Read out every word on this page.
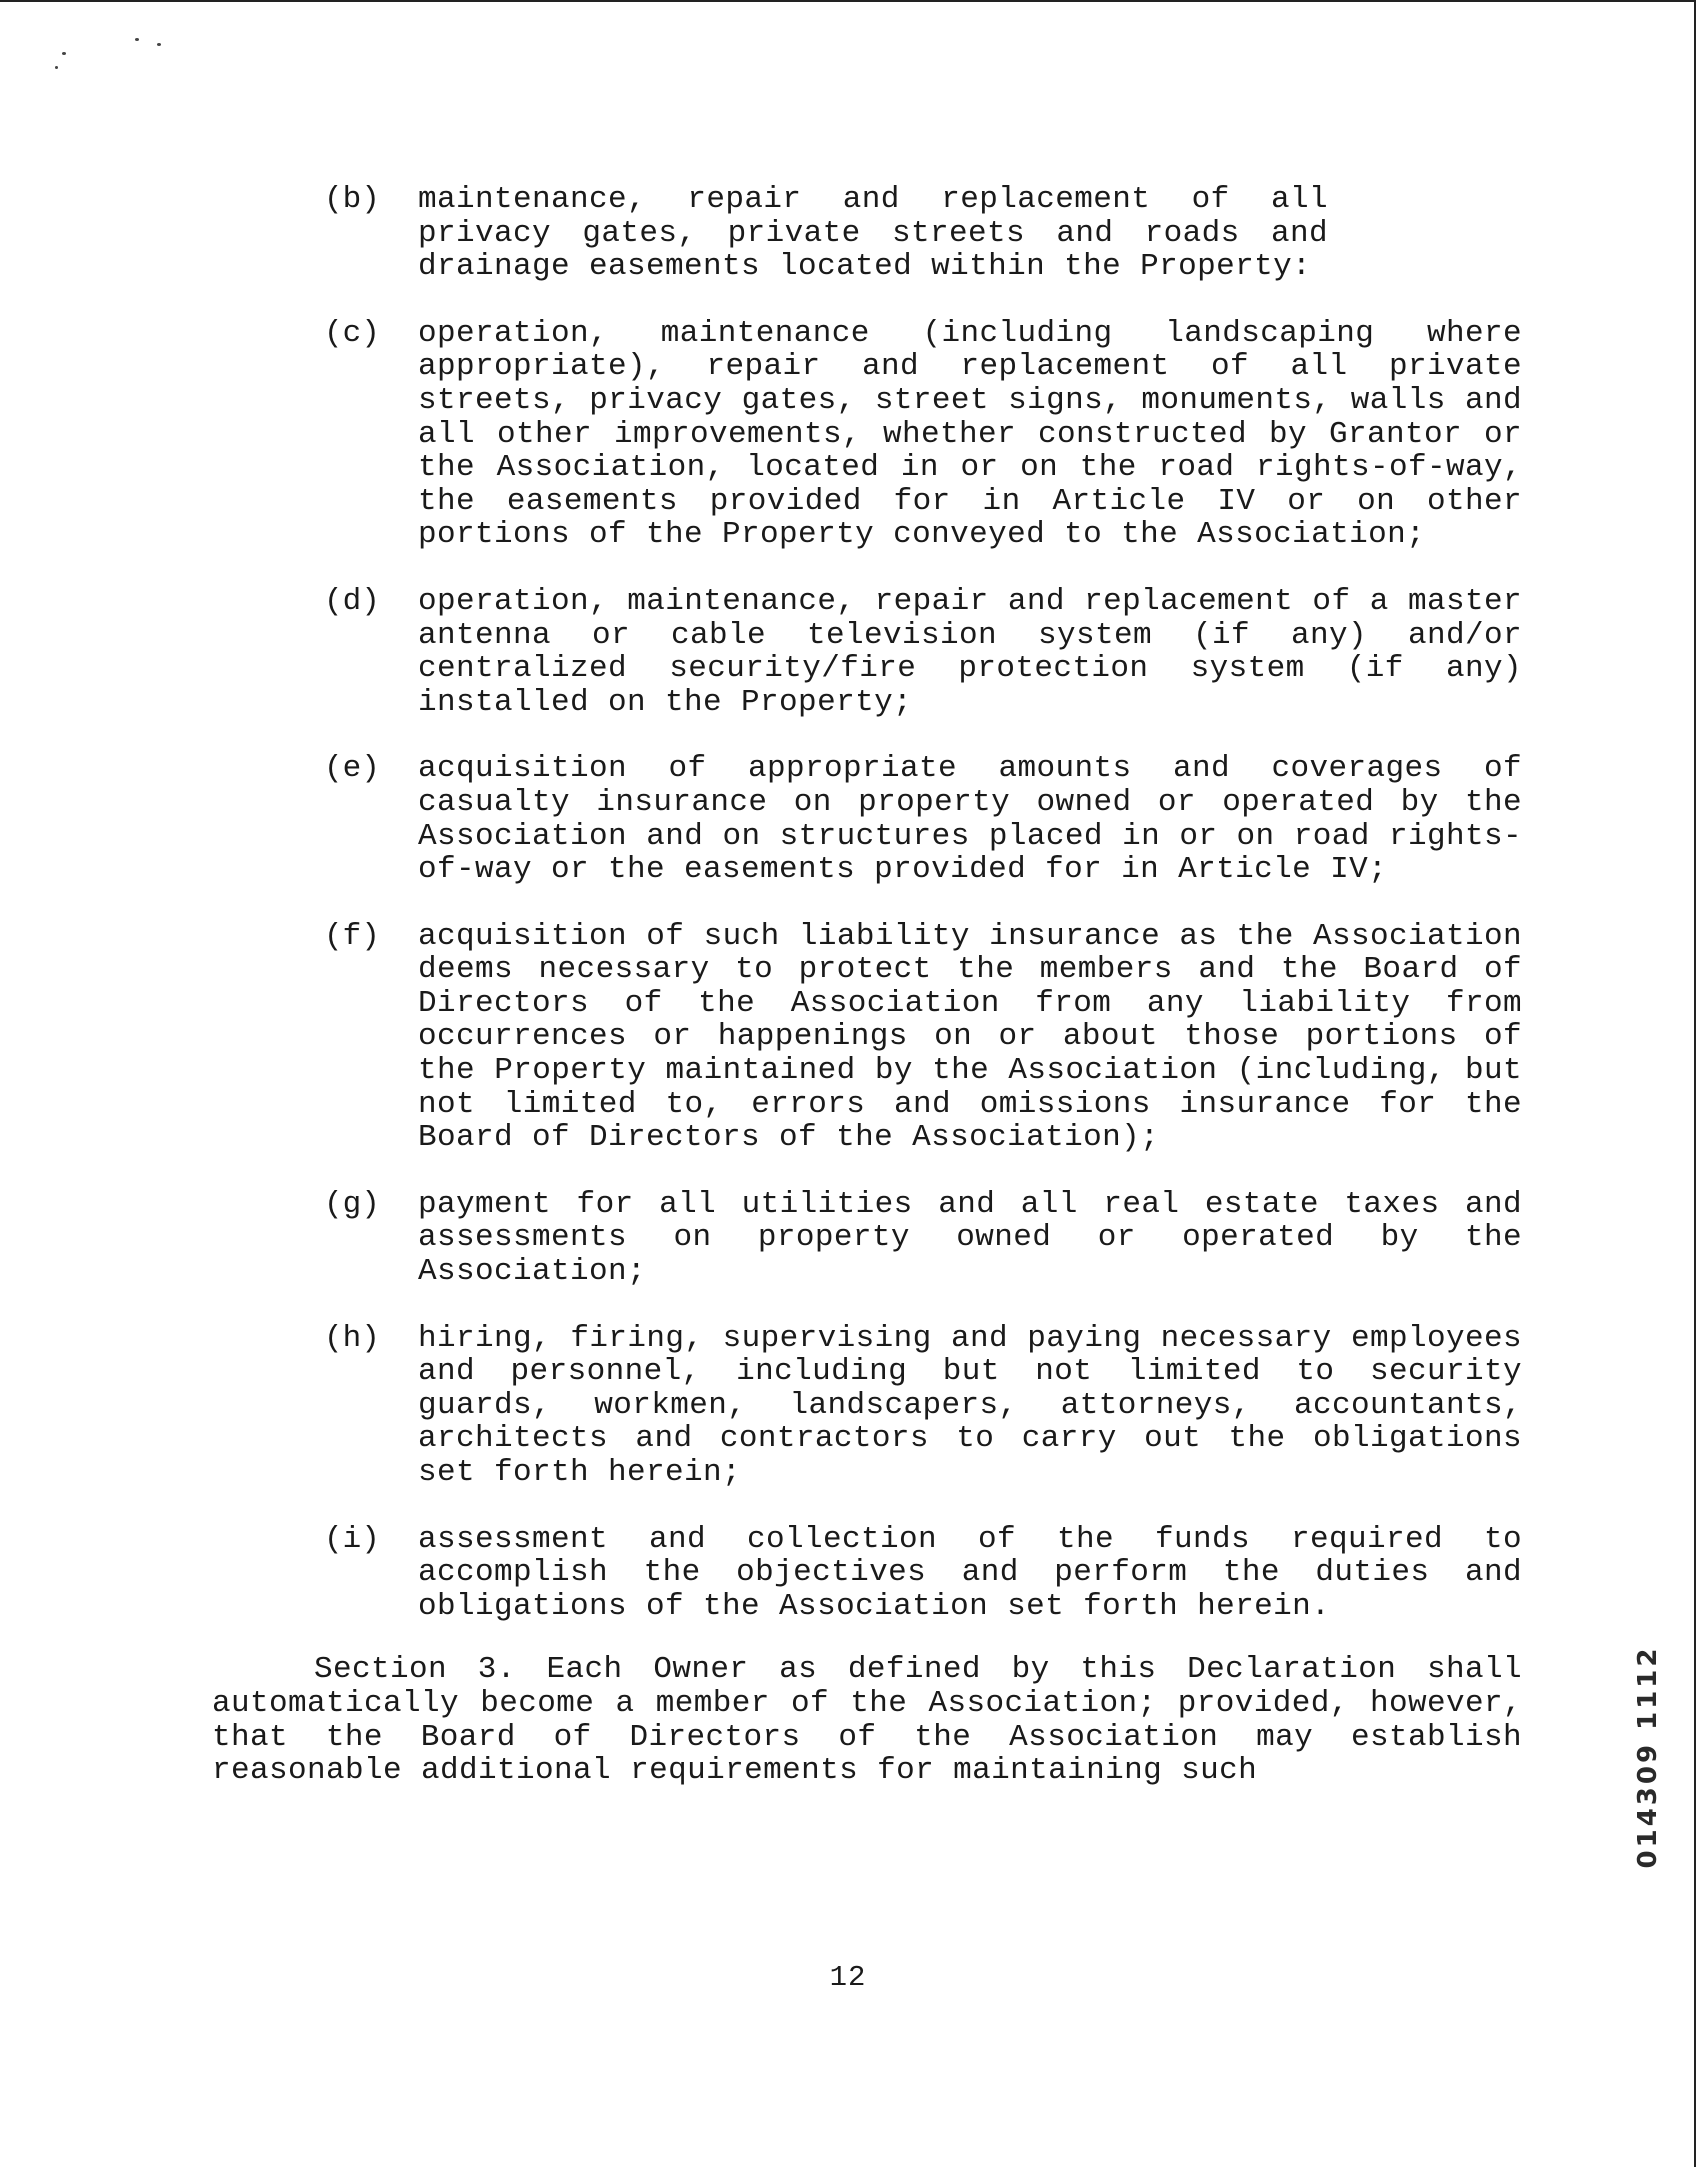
(b)	maintenance, repair and replacement of all privacy gates, private streets and roads and drainage easements located within the Property:
(c)	operation, maintenance (including landscaping where appropriate), repair and replacement of all private streets, privacy gates, street signs, monuments, walls and all other improvements, whether constructed by Grantor or the Association, located in or on the road rights-of-way, the easements provided for in Article IV or on other portions of the Property conveyed to the Association;
(d)	operation, maintenance, repair and replacement of a master antenna or cable television system (if any) and/or centralized security/fire protection system (if any) installed on the Property;
(e)	acquisition of appropriate amounts and coverages of casualty insurance on property owned or operated by the Association and on structures placed in or on road rights-of-way or the easements provided for in Article IV;
(f)	acquisition of such liability insurance as the Association deems necessary to protect the members and the Board of Directors of the Association from any liability from occurrences or happenings on or about those portions of the Property maintained by the Association (including, but not limited to, errors and omissions insurance for the Board of Directors of the Association);
(g)	payment for all utilities and all real estate taxes and assessments on property owned or operated by the Association;
(h)	hiring, firing, supervising and paying necessary employees and personnel, including but not limited to security guards, workmen, landscapers, attorneys, accountants, architects and contractors to carry out the obligations set forth herein;
(i)	assessment and collection of the funds required to accomplish the objectives and perform the duties and obligations of the Association set forth herein.
Section 3. Each Owner as defined by this Declaration shall automatically become a member of the Association; provided, however, that the Board of Directors of the Association may establish reasonable additional requirements for maintaining such
12
014309 1112
